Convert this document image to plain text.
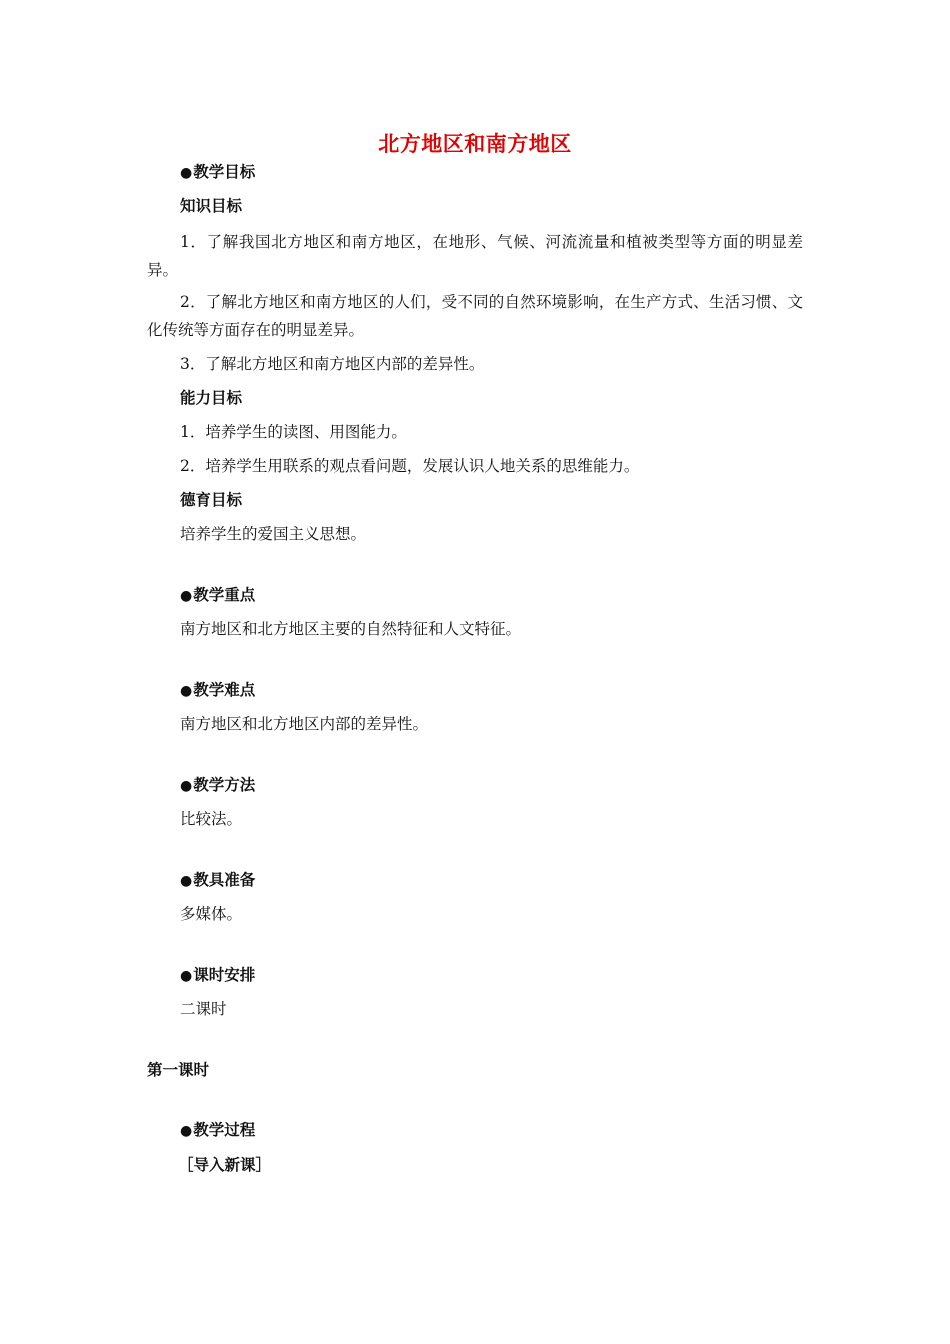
北方地区和南方地区
●教学目标
知识目标
1．了解我国北方地区和南方地区，在地形、气候、河流流量和植被类型等方面的明显差异。
2．了解北方地区和南方地区的人们，受不同的自然环境影响，在生产方式、生活习惯、文化传统等方面存在的明显差异。
3．了解北方地区和南方地区内部的差异性。
能力目标
1．培养学生的读图、用图能力。
2．培养学生用联系的观点看问题，发展认识人地关系的思维能力。
德育目标
培养学生的爱国主义思想。
●教学重点
南方地区和北方地区主要的自然特征和人文特征。
●教学难点
南方地区和北方地区内部的差异性。
●教学方法
比较法。
●教具准备
多媒体。
●课时安排
二课时
第一课时
●教学过程
［导入新课］
